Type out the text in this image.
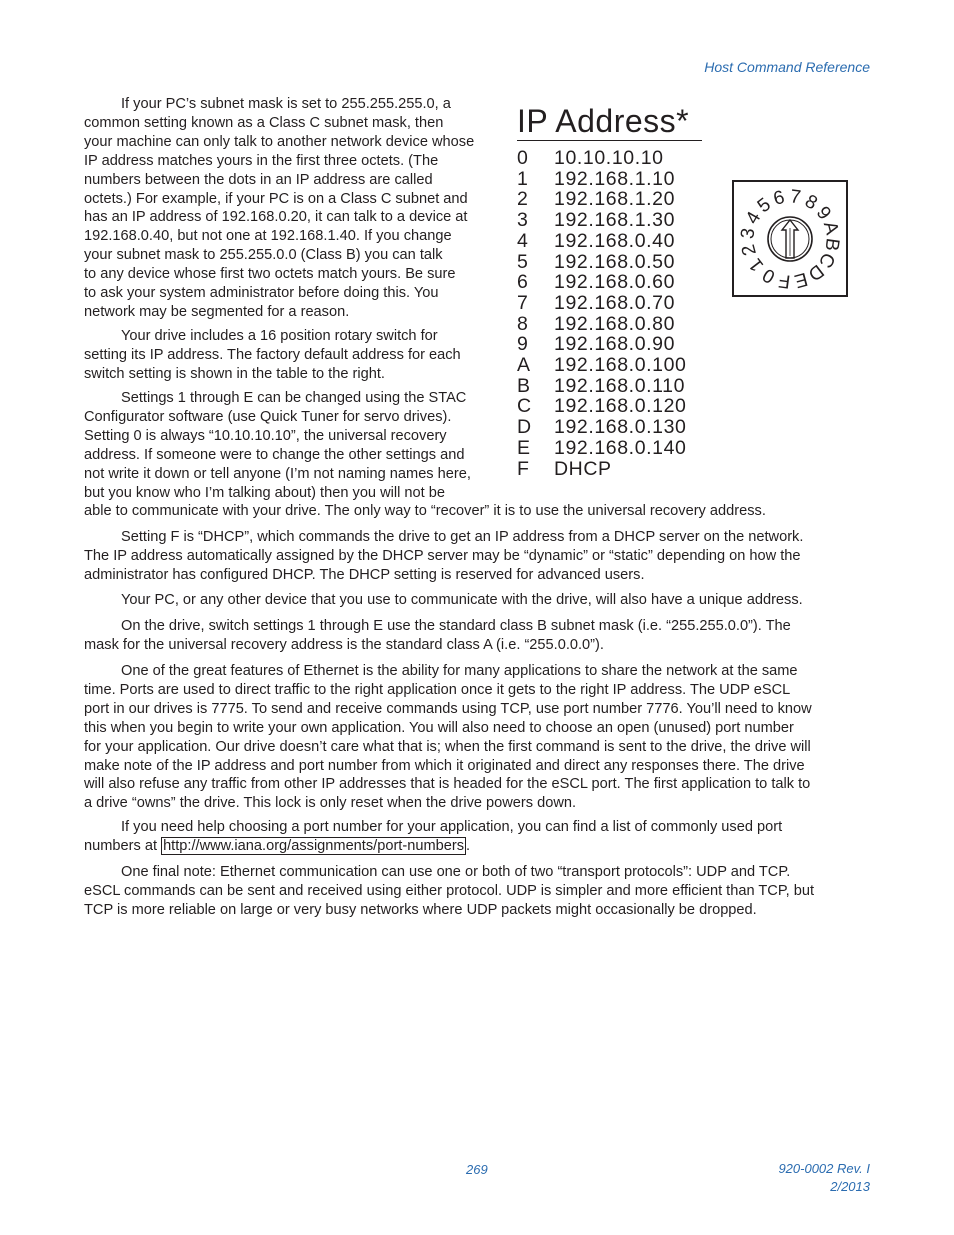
Host Command Reference
If your PC’s subnet mask is set to 255.255.255.0, a
common setting known as a Class C subnet mask, then
your machine can only talk to another network device whose
IP address matches yours in the first three octets. (The
numbers between the dots in an IP address are called
octets.) For example, if your PC is on a Class C subnet and
has an IP address of 192.168.0.20, it can talk to a device at
192.168.0.40, but not one at 192.168.1.40. If you change
your subnet mask to 255.255.0.0 (Class B) you can talk
to any device whose first two octets match yours. Be sure
to ask your system administrator before doing this. You
network may be segmented for a reason.
Your drive includes a 16 position rotary switch for
setting its IP address. The factory default address for each
switch setting is shown in the table to the right.
Settings 1 through E can be changed using the STAC
Configurator software (use Quick Tuner for servo drives).
Setting 0 is always “10.10.10.10”, the universal recovery
address. If someone were to change the other settings and
not write it down or tell anyone (I’m not naming names here,
but you know who I’m talking about) then you will not be
able to communicate with your drive. The only way to “recover” it is to use the universal recovery address.
IP Address*
0	10.10.10.10
1	192.168.1.10
2	192.168.1.20
3	192.168.1.30
4	192.168.0.40
5	192.168.0.50
6	192.168.0.60
7	192.168.0.70
8	192.168.0.80
9	192.168.0.90
A	192.168.0.100
B	192.168.0.110
C	192.168.0.120
D	192.168.0.130
E	192.168.0.140
F	DHCP
0
1
2
3
4
5
6 7 8
9
A
B
C
D
E
F
Setting F is “DHCP”, which commands the drive to get an IP address from a DHCP server on the network.
The IP address automatically assigned by the DHCP server may be “dynamic” or “static” depending on how the
administrator has configured DHCP. The DHCP setting is reserved for advanced users.
Your PC, or any other device that you use to communicate with the drive, will also have a unique address.
On the drive, switch settings 1 through E use the standard class B subnet mask (i.e. “255.255.0.0”). The
mask for the universal recovery address is the standard class A (i.e. “255.0.0.0”).
One of the great features of Ethernet is the ability for many applications to share the network at the same
time. Ports are used to direct traffic to the right application once it gets to the right IP address. The UDP eSCL
port in our drives is 7775. To send and receive commands using TCP, use port number 7776. You’ll need to know
this when you begin to write your own application. You will also need to choose an open (unused) port number
for your application. Our drive doesn’t care what that is; when the first command is sent to the drive, the drive will
make note of the IP address and port number from which it originated and direct any responses there. The drive
will also refuse any traffic from other IP addresses that is headed for the eSCL port. The first application to talk to
a drive “owns” the drive. This lock is only reset when the drive powers down.
If you need help choosing a port number for your application, you can find a list of commonly used port
numbers at http://www.iana.org/assignments/port-numbers .
One final note: Ethernet communication can use one or both of two “transport protocols”: UDP and TCP.
eSCL commands can be sent and received using either protocol. UDP is simpler and more efficient than TCP, but
TCP is more reliable on large or very busy networks where UDP packets might occasionally be dropped.
269	920-0002 Rev. I
2/2013
